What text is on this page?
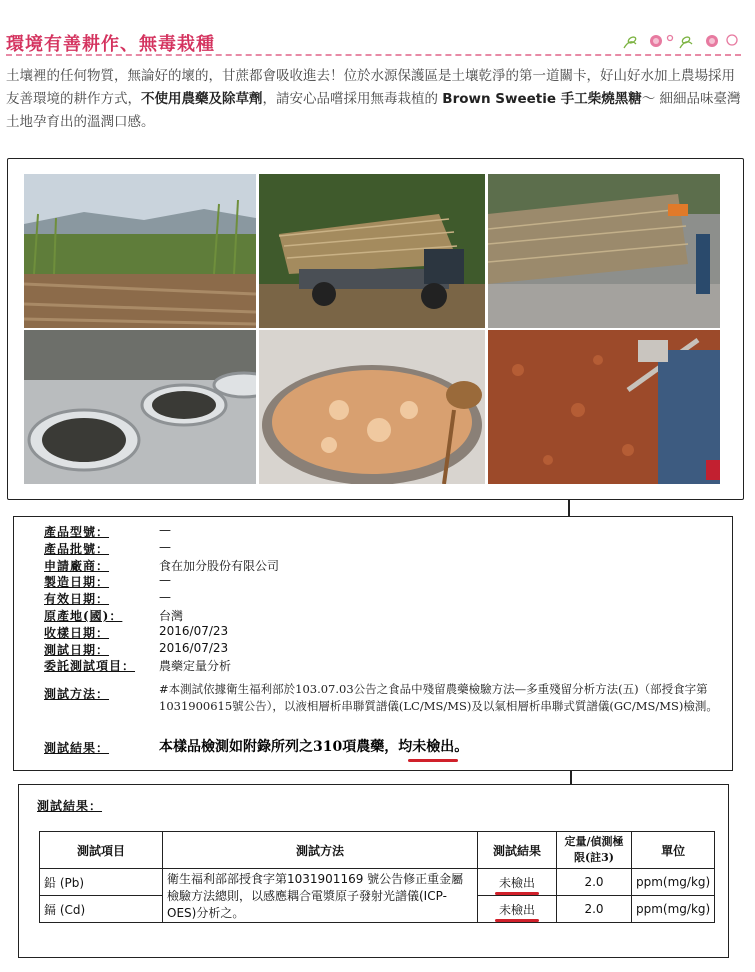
環境有善耕作、無毒栽種
土壤裡的任何物質，無論好的壞的，甘蔗都會吸收進去！位於水源保護區是土壤乾淨的第一道關卡，好山好水加上農場採用友善環境的耕作方式，不使用農藥及除草劑，請安心品嚐採用無毒栽植的 Brown Sweetie 手工柴燒黑糖～ 細細品味臺灣土地孕育出的溫潤口感。
產品型號：	—
產品批號：	—
申請廠商：	食在加分股份有限公司
製造日期：	—
有效日期：	—
原產地(國)：	台灣
收樣日期：	2016/07/23
測試日期：	2016/07/23
委託測試項目： 農藥定量分析
測試方法：	#本測試依據衛生福利部於103.07.03公告之食品中殘留農藥檢驗方法—多重殘留分析方法(五)（部授食字第1031900615號公告），以液相層析串聯質譜儀(LC/MS/MS)及以氣相層析串聯式質譜儀(GC/MS/MS)檢測。
測試結果：	本樣品檢測如附錄所列之310項農藥，均未檢出
。
測試結果：
測試項目	測試方法	測試結果	定量/偵測極限(註3)	單位
鉛 (Pb)	衛生福利部部授食字第1031901169 號公告修正重金屬檢驗方法總則，以感應耦合電漿原子發射光譜儀(ICP-OES)分析之。	未檢出	2.0	ppm(mg/kg)
鎘 (Cd)		未檢出	2.0	ppm(mg/kg)
